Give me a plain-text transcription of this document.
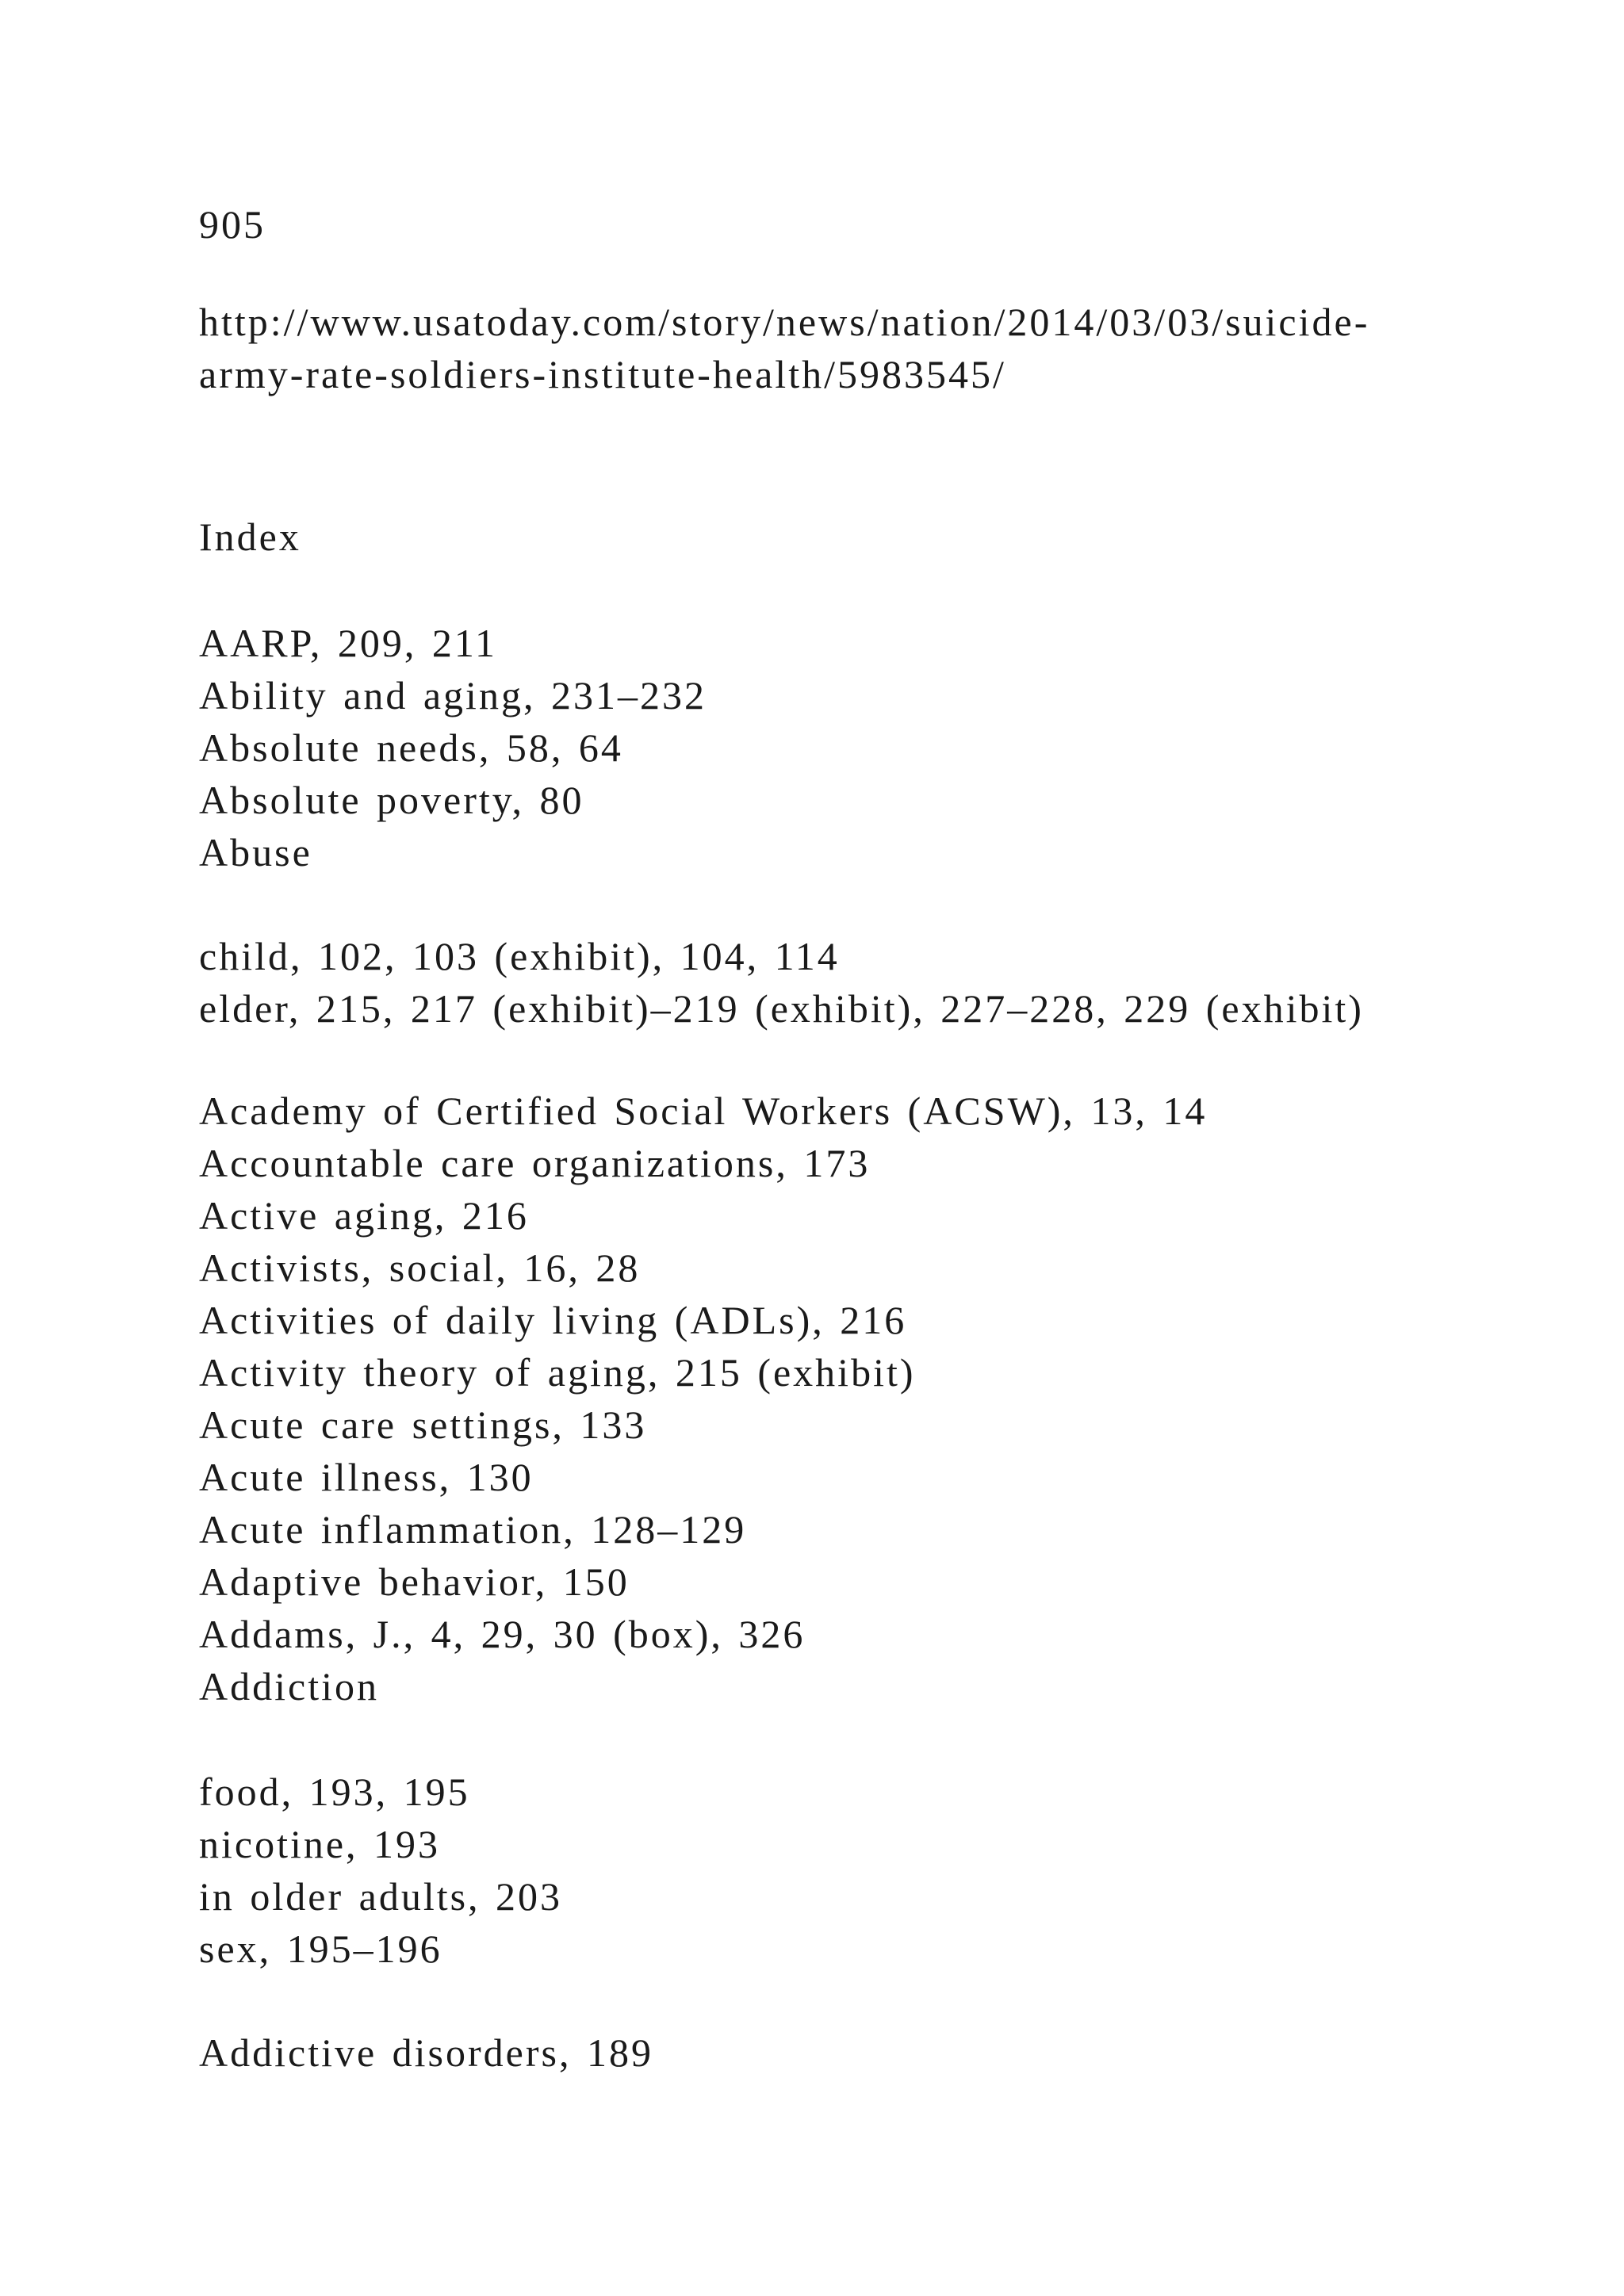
905
http://www.usatoday.com/story/news/nation/2014/03/03/suicide-
army-rate-soldiers-institute-health/5983545/
Index
AARP, 209, 211
Ability and aging, 231–232
Absolute needs, 58, 64
Absolute poverty, 80
Abuse
child, 102, 103 (exhibit), 104, 114
elder, 215, 217 (exhibit)–219 (exhibit), 227–228, 229 (exhibit)
Academy of Certified Social Workers (ACSW), 13, 14
Accountable care organizations, 173
Active aging, 216
Activists, social, 16, 28
Activities of daily living (ADLs), 216
Activity theory of aging, 215 (exhibit)
Acute care settings, 133
Acute illness, 130
Acute inflammation, 128–129
Adaptive behavior, 150
Addams, J., 4, 29, 30 (box), 326
Addiction
food, 193, 195
nicotine, 193
in older adults, 203
sex, 195–196
Addictive disorders, 189
